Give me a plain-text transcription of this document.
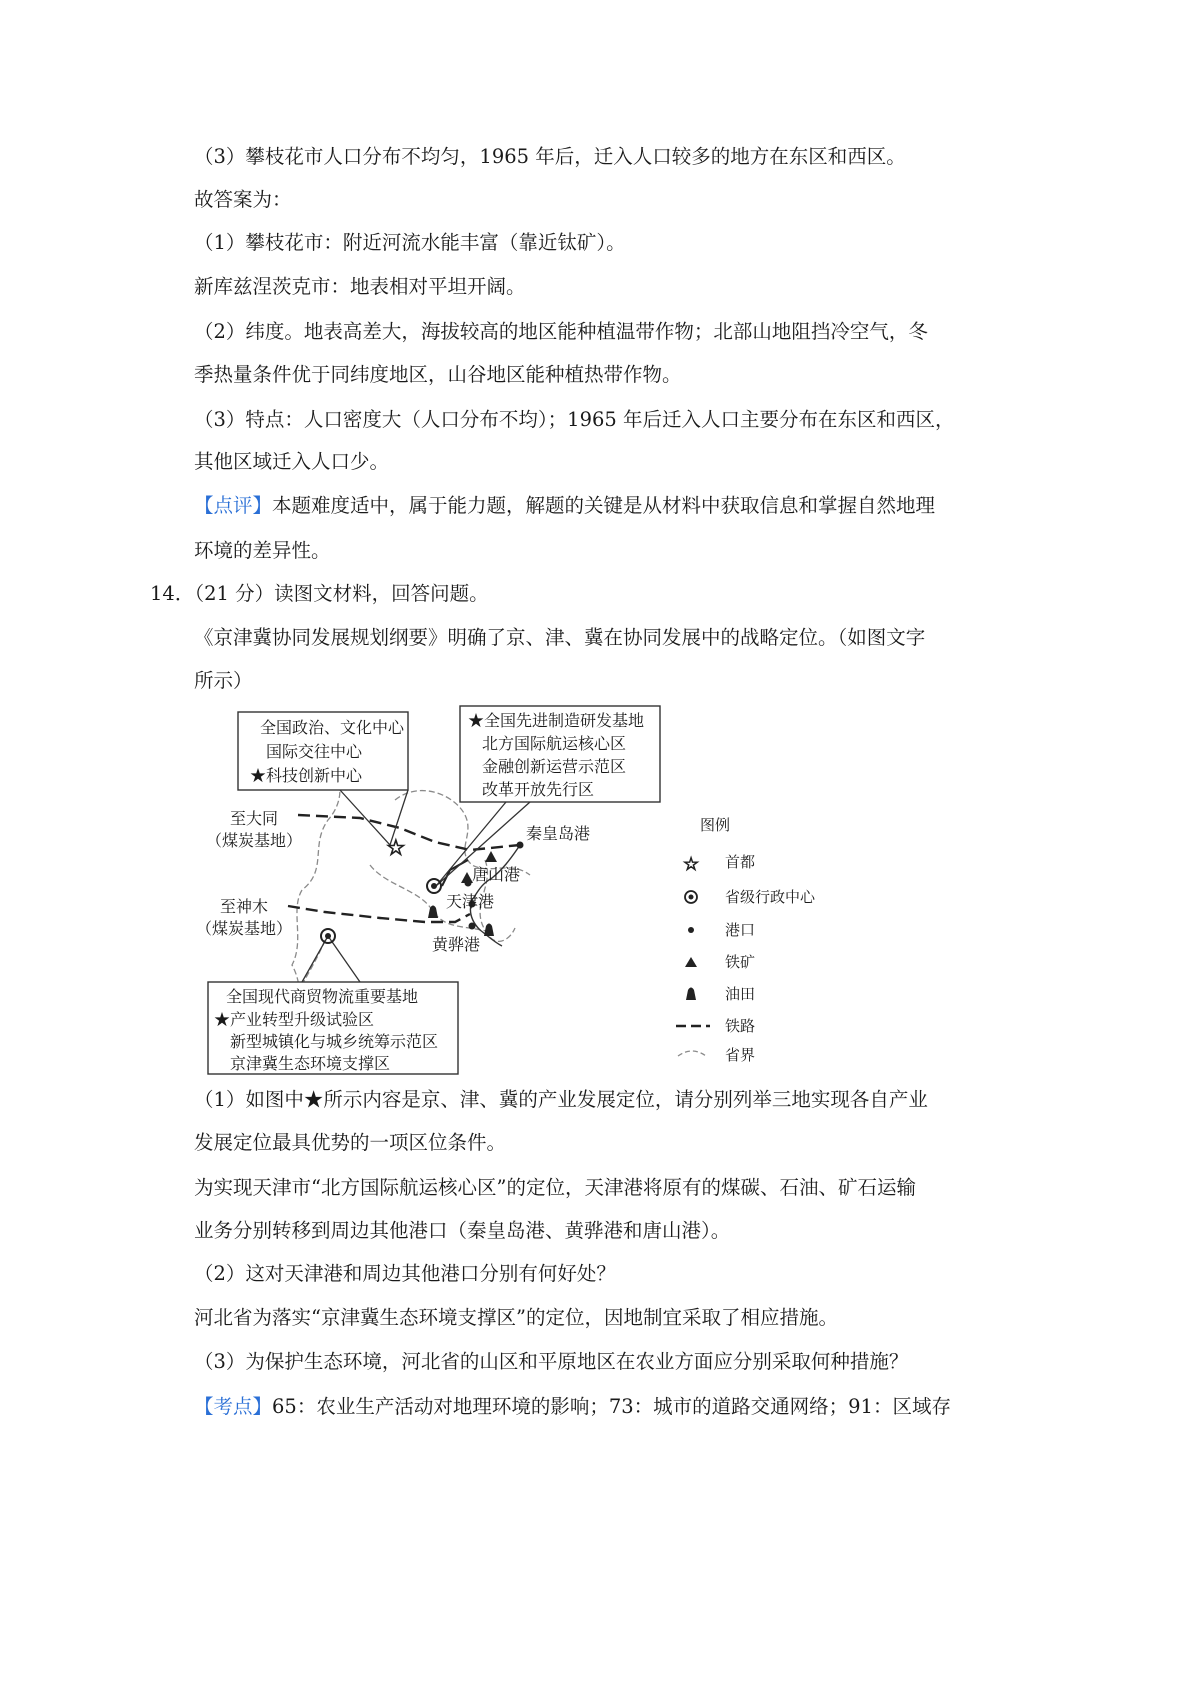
（3）攀枝花市人口分布不均匀，1965 年后，迁入人口较多的地方在东区和西区。
故答案为：
（1）攀枝花市：附近河流水能丰富（靠近钛矿）。
新库兹涅茨克市：地表相对平坦开阔。
（2）纬度。地表高差大，海拔较高的地区能种植温带作物；北部山地阻挡冷空气，冬
季热量条件优于同纬度地区，山谷地区能种植热带作物。
（3）特点：人口密度大（人口分布不均）；1965 年后迁入人口主要分布在东区和西区，
其他区域迁入人口少。
【点评】本题难度适中，属于能力题，解题的关键是从材料中获取信息和掌握自然地理
环境的差异性。
14．（21 分）读图文材料，回答问题。
《京津冀协同发展规划纲要》明确了京、津、冀在协同发展中的战略定位。（如图文字
所示）
全国政治、文化中心
国际交往中心
★科技创新中心
★全国先进制造研发基地
北方国际航运核心区
金融创新运营示范区
改革开放先行区
全国现代商贸物流重要基地
★产业转型升级试验区
新型城镇化与城乡统筹示范区
京津冀生态环境支撑区
☆
至大同
（煤炭基地）
至神木
（煤炭基地）
秦皇岛港
唐山港
天津港
黄骅港
图例
☆ 首都
省级行政中心
港口
铁矿
油田
铁路
省界
（1）如图中★所示内容是京、津、冀的产业发展定位，请分别列举三地实现各自产业
发展定位最具优势的一项区位条件。
为实现天津市“北方国际航运核心区”的定位，天津港将原有的煤碳、石油、矿石运输
业务分别转移到周边其他港口（秦皇岛港、黄骅港和唐山港）。
（2）这对天津港和周边其他港口分别有何好处？
河北省为落实“京津冀生态环境支撑区”的定位，因地制宜采取了相应措施。
（3）为保护生态环境，河北省的山区和平原地区在农业方面应分别采取何种措施？
【考点】65：农业生产活动对地理环境的影响；73：城市的道路交通网络；91：区域存
